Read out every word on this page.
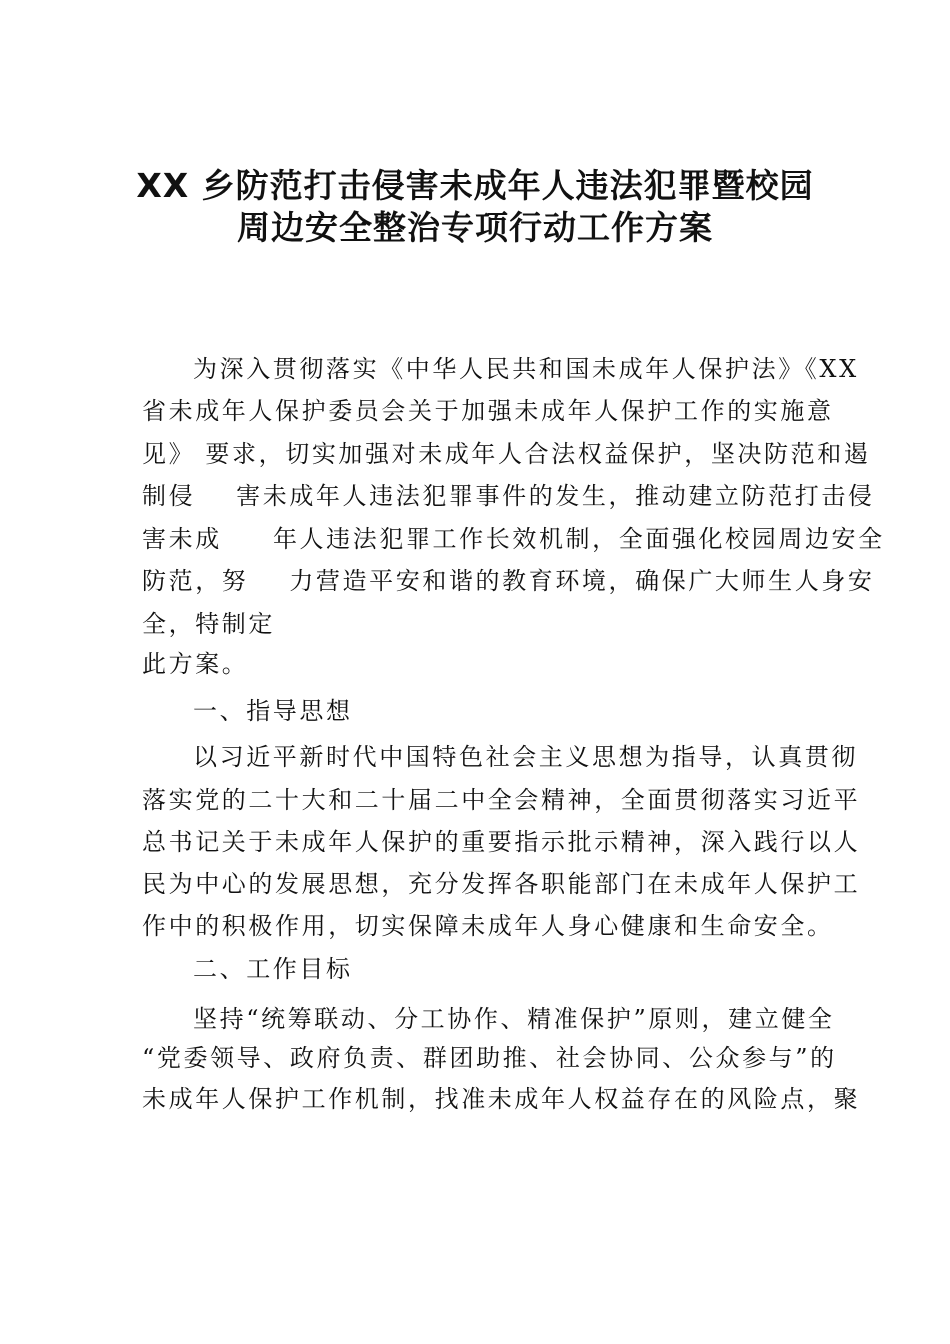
XX 乡防范打击侵害未成年人违法犯罪暨校园
周边安全整治专项行动工作方案
为深入贯彻落实《中华人民共和国未成年人保护法》《XX
省未成年人保护委员会关于加强未成年人保护工作的实施意
见》 要求，切实加强对未成年人合法权益保护，坚决防范和遏
制侵    害未成年人违法犯罪事件的发生，推动建立防范打击侵
害未成     年人违法犯罪工作长效机制，全面强化校园周边安全
防范，努    力营造平安和谐的教育环境，确保广大师生人身安
全，特制定
此方案。
一、指导思想
以习近平新时代中国特色社会主义思想为指导，认真贯彻
落实党的二十大和二十届二中全会精神，全面贯彻落实习近平
总书记关于未成年人保护的重要指示批示精神，深入践行以人
民为中心的发展思想，充分发挥各职能部门在未成年人保护工
作中的积极作用，切实保障未成年人身心健康和生命安全。
二、工作目标
坚持“统筹联动、分工协作、精准保护”原则，建立健全
“党委领导、政府负责、群团助推、社会协同、公众参与”的
未成年人保护工作机制，找准未成年人权益存在的风险点，聚
